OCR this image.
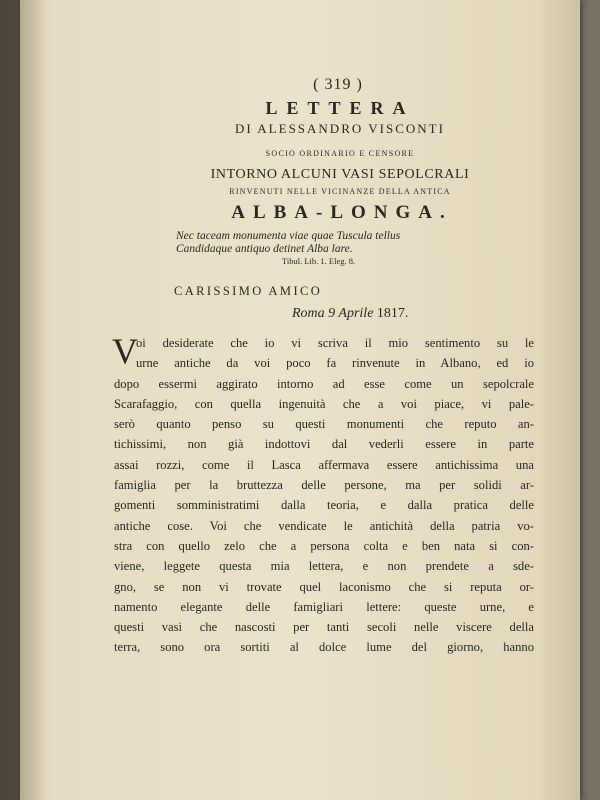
( 319 )
LETTERA
DI ALESSANDRO VISCONTI
SOCIO ORDINARIO E CENSORE
INTORNO ALCUNI VASI SEPOLCRALI
RINVENUTI NELLE VICINANZE DELLA ANTICA
ALBA-LONGA.
Nec taceam monumenta viae quae Tuscula tellus
Candidaque antiquo detinet Alba lare.
Tibul. Lib. 1. Eleg. 8.
CARISSIMO AMICO
Roma 9 Aprile 1817.
V
oi desiderate che io vi scriva il mio sentimento su le
urne antiche da voi poco fa rinvenute in Albano, ed io
dopo essermi aggirato intorno ad esse come un sepolcrale
Scarafaggio, con quella ingenuità che a voi piace, vi pale-
serò quanto penso su questi monumenti che reputo an-
tichissimi, non già indottovi dal vederli essere in parte
assai rozzi, come il Lasca affermava essere antichissima una
famiglia per la bruttezza delle persone, ma per solidi ar-
gomenti somministratimi dalla teoria, e dalla pratica delle
antiche cose. Voi che vendicate le antichità della patria vo-
stra con quello zelo che a persona colta e ben nata si con-
viene, leggete questa mia lettera, e non prendete a sde-
gno, se non vi trovate quel laconismo che si reputa or-
namento elegante delle famigliari lettere: queste urne, e
questi vasi che nascosti per tanti secoli nelle viscere della
terra, sono ora sortiti al dolce lume del giorno, hanno
